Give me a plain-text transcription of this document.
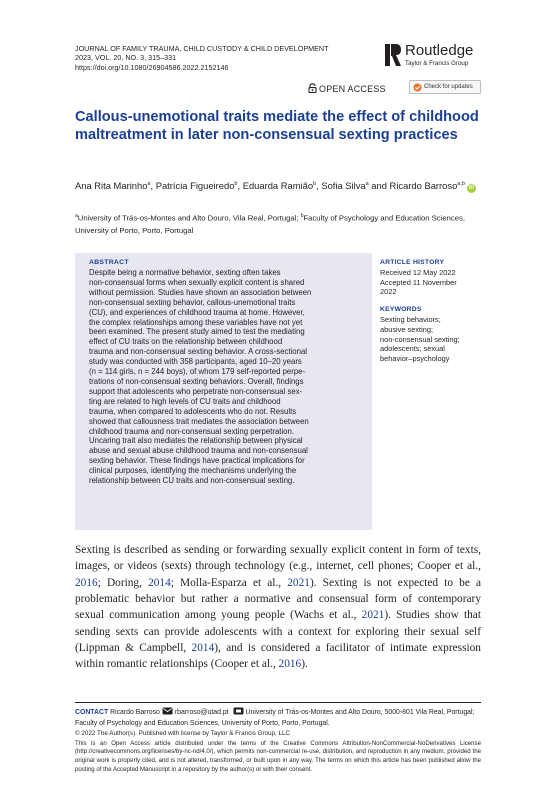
JOURNAL OF FAMILY TRAUMA, CHILD CUSTODY & CHILD DEVELOPMENT
2023, VOL. 20, NO. 3, 315–331
https://doi.org/10.1080/26904586.2022.2152146
Routledge
Taylor & Francis Group
OPEN ACCESS	Check for updates
Callous-unemotional traits mediate the effect of childhood maltreatment in later non-consensual sexting practices
Ana Rita Marinho$^a$, Patrícia Figueiredo$^b$, Eduarda Ramião$^b$, Sofia Silva$^a$ and Ricardo Barroso$^{a,b}$iD
$^a$University of Trás-os-Montes and Alto Douro, Vila Real, Portugal; $^b$Faculty of Psychology and Education Sciences, University of Porto, Porto, Portugal
ABSTRACT
Despite being a normative behavior, sexting often takes
non-consensual forms when sexually explicit content is shared
without permission. Studies have shown an association between
non-consensual sexting behavior, callous-unemotional traits
(CU), and experiences of childhood trauma at home. However,
the complex relationships among these variables have not yet
been examined. The present study aimed to test the mediating
effect of CU traits on the relationship between childhood
trauma and non-consensual sexting behavior. A cross-sectional
study was conducted with 358 participants, aged 10–20 years
(n = 114 girls, n = 244 boys), of whom 179 self-reported perpe-
trations of non-consensual sexting behaviors. Overall, findings
support that adolescents who perpetrate non-consensual sex-
ting are related to high levels of CU traits and childhood
trauma, when compared to adolescents who do not. Results
showed that callousness trait mediates the association between
childhood trauma and non-consensual sexting perpetration.
Uncaring trait also mediates the relationship between physical
abuse and sexual abuse childhood trauma and non-consensual
sexting behavior. These findings have practical implications for
clinical purposes, identifying the mechanisms underlying the
relationship between CU traits and non-consensual sexting.
ARTICLE HISTORY
Received 12 May 2022
Accepted 11 November
2022
KEYWORDS
Sexting behaviors;
abusive sexting;
non-consensual sexting;
adolescents; sexual
behavior–psychology
Sexting is described as sending or forwarding sexually explicit content in form of texts, images, or videos (sexts) through technology (e.g., internet, cell phones; Cooper et al., 2016; Doring, 2014; Molla-Esparza et al., 2021). Sexting is not expected to be a problematic behavior but rather a normative and consensual form of contemporary sexual communication among young people (Wachs et al., 2021). Studies show that sending sexts can provide adolescents with a context for exploring their sexual self (Lippman & Campbell, 2014), and is considered a facilitator of intimate expression within romantic relationships (Cooper et al., 2016).
CONTACT Ricardo Barroso rbarroso@utad.pt University of Trás-os-Montes and Alto Douro, 5000-801 Vila Real, Portugal; Faculty of Psychology and Education Sciences, University of Porto, Porto, Portugal.
© 2022 The Author(s). Published with license by Taylor & Francis Group, LLC
This is an Open Access article distributed under the terms of the Creative Commons Attribution-NonCommercial-NoDerivatives License (http://creativecommons.org/licenses/by-nc-nd/4.0/), which permits non-commercial re-use, distribution, and reproduction in any medium, provided the original work is properly cited, and is not altered, transformed, or built upon in any way. The terms on which this article has been published allow the posting of the Accepted Manuscript in a repository by the author(s) or with their consent.
